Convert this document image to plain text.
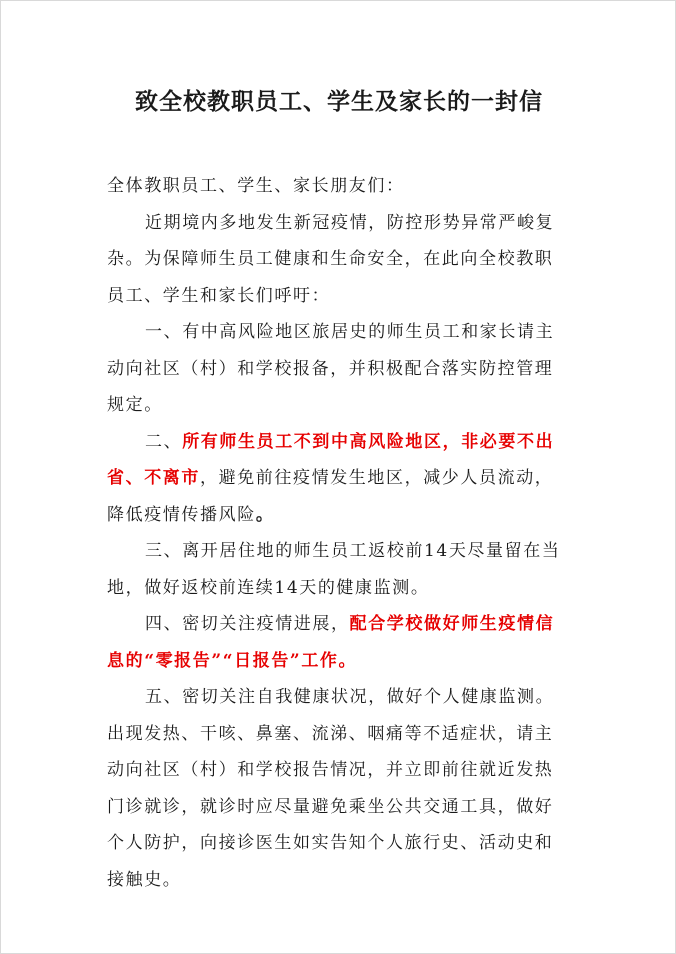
致全校教职员工、学生及家长的一封信

全体教职员工、学生、家长朋友们：

近期境内多地发生新冠疫情，防控形势异常严峻复杂。为保障师生员工健康和生命安全，在此向全校教职员工、学生和家长们呼吁：

一、有中高风险地区旅居史的师生员工和家长请主动向社区（村）和学校报备，并积极配合落实防控管理规定。

二、所有师生员工不到中高风险地区，非必要不出省、不离市，避免前往疫情发生地区，减少人员流动，降低疫情传播风险。

三、离开居住地的师生员工返校前14天尽量留在当地，做好返校前连续14天的健康监测。

四、密切关注疫情进展，配合学校做好师生疫情信息的“零报告”“日报告”工作。

五、密切关注自我健康状况，做好个人健康监测。出现发热、干咳、鼻塞、流涕、咽痛等不适症状，请主动向社区（村）和学校报告情况，并立即前往就近发热门诊就诊，就诊时应尽量避免乘坐公共交通工具，做好个人防护，向接诊医生如实告知个人旅行史、活动史和接触史。
